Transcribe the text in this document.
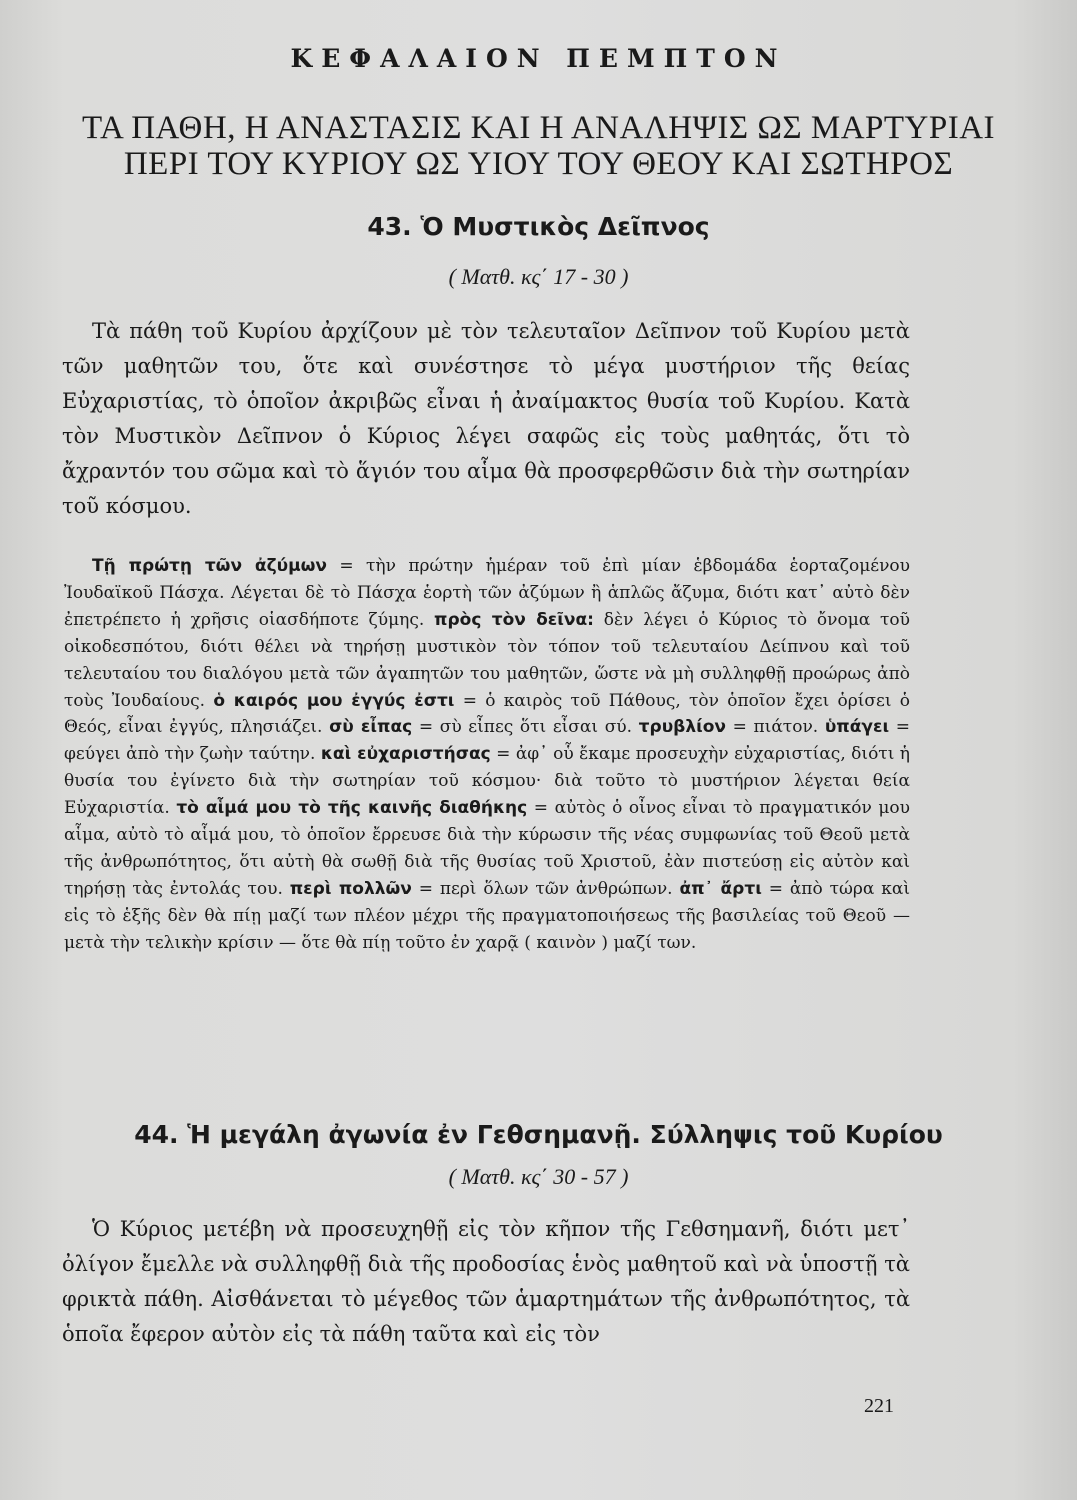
ΚΕΦΑΛΑΙΟΝ ΠΕΜΠΤΟΝ
ΤΑ ΠΑΘΗ, Η ΑΝΑΣΤΑΣΙΣ ΚΑΙ Η ΑΝΑΛΗΨΙΣ ΩΣ ΜΑΡΤΥΡΙΑΙ
ΠΕΡΙ ΤΟΥ ΚΥΡΙΟΥ ΩΣ ΥΙΟΥ ΤΟΥ ΘΕΟΥ ΚΑΙ ΣΩΤΗΡΟΣ
43. Ὁ Μυστικὸς Δεῖπνος
( Ματθ. κς΄ 17 - 30 )
Τὰ πάθη τοῦ Κυρίου ἀρχίζουν μὲ τὸν τελευταῖον Δεῖπνον τοῦ Κυρίου μετὰ τῶν μαθητῶν του, ὅτε καὶ συνέστησε τὸ μέγα μυστήριον τῆς θείας Εὐχαριστίας, τὸ ὁποῖον ἀκριβῶς εἶναι ἡ ἀναίμακτος θυσία τοῦ Κυρίου. Κατὰ τὸν Μυστικὸν Δεῖπνον ὁ Κύριος λέγει σαφῶς εἰς τοὺς μαθητάς, ὅτι τὸ ἄχραντόν του σῶμα καὶ τὸ ἅγιόν του αἷμα θὰ προσφερθῶσιν διὰ τὴν σωτηρίαν τοῦ κόσμου.
Τῇ πρώτῃ τῶν ἀζύμων = τὴν πρώτην ἡμέραν τοῦ ἐπὶ μίαν ἑβδομάδα ἑορταζομένου Ἰουδαϊκοῦ Πάσχα. Λέγεται δὲ τὸ Πάσχα ἑορτὴ τῶν ἀζύμων ἢ ἁπλῶς ἄζυμα, διότι κατ᾽ αὐτὸ δὲν ἐπετρέπετο ἡ χρῆσις οἱασδήποτε ζύμης. πρὸς τὸν δεῖνα: δὲν λέγει ὁ Κύριος τὸ ὄνομα τοῦ οἰκοδεσπότου, διότι θέλει νὰ τηρήσῃ μυστικὸν τὸν τόπον τοῦ τελευταίου Δείπνου καὶ τοῦ τελευταίου του διαλόγου μετὰ τῶν ἀγαπητῶν του μαθητῶν, ὥστε νὰ μὴ συλληφθῇ προώρως ἀπὸ τοὺς Ἰουδαίους. ὁ καιρός μου ἐγγύς ἐστι = ὁ καιρὸς τοῦ Πάθους, τὸν ὁποῖον ἔχει ὁρίσει ὁ Θεός, εἶναι ἐγγύς, πλησιάζει. σὺ εἶπας = σὺ εἶπες ὅτι εἶσαι σύ. τρυβλίον = πιάτον. ὑπάγει = φεύγει ἀπὸ τὴν ζωὴν ταύτην. καὶ εὐχαριστήσας = ἀφ᾽ οὗ ἔκαμε προσευχὴν εὐχαριστίας, διότι ἡ θυσία του ἐγίνετο διὰ τὴν σωτηρίαν τοῦ κόσμου· διὰ τοῦτο τὸ μυστήριον λέγεται θεία Εὐχαριστία. τὸ αἷμά μου τὸ τῆς καινῆς διαθήκης = αὐτὸς ὁ οἶνος εἶναι τὸ πραγματικόν μου αἷμα, αὐτὸ τὸ αἷμά μου, τὸ ὁποῖον ἔρρευσε διὰ τὴν κύρωσιν τῆς νέας συμφωνίας τοῦ Θεοῦ μετὰ τῆς ἀνθρωπότητος, ὅτι αὐτὴ θὰ σωθῇ διὰ τῆς θυσίας τοῦ Χριστοῦ, ἐὰν πιστεύσῃ εἰς αὐτὸν καὶ τηρήσῃ τὰς ἐντολάς του. περὶ πολλῶν = περὶ ὅλων τῶν ἀνθρώπων. ἀπ᾽ ἄρτι = ἀπὸ τώρα καὶ εἰς τὸ ἑξῆς δὲν θὰ πίῃ μαζί των πλέον μέχρι τῆς πραγματοποιήσεως τῆς βασιλείας τοῦ Θεοῦ — μετὰ τὴν τελικὴν κρίσιν — ὅτε θὰ πίῃ τοῦτο ἐν χαρᾷ ( καινὸν ) μαζί των.
44. Ἡ μεγάλη ἀγωνία ἐν Γεθσημανῇ. Σύλληψις τοῦ Κυρίου
( Ματθ. κς΄ 30 - 57 )
Ὁ Κύριος μετέβη νὰ προσευχηθῇ εἰς τὸν κῆπον τῆς Γεθσημανῆ, διότι μετ᾽ ὀλίγον ἔμελλε νὰ συλληφθῇ διὰ τῆς προδοσίας ἑνὸς μαθητοῦ καὶ νὰ ὑποστῇ τὰ φρικτὰ πάθη. Αἰσθάνεται τὸ μέγεθος τῶν ἁμαρτημάτων τῆς ἀνθρωπότητος, τὰ ὁποῖα ἔφερον αὐτὸν εἰς τὰ πάθη ταῦτα καὶ εἰς τὸν
221
